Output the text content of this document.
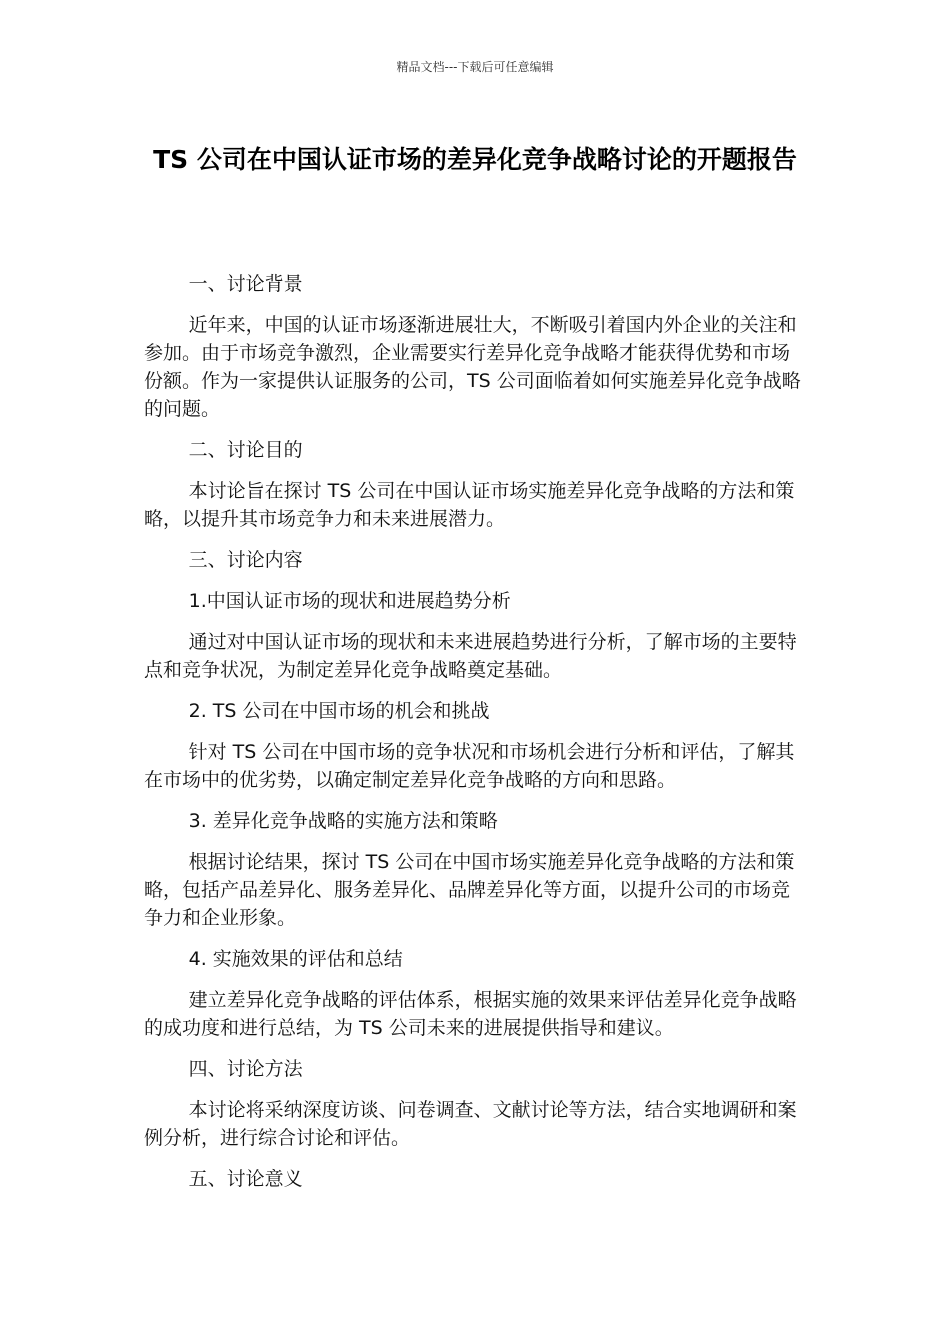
精品文档---下载后可任意编辑
TS 公司在中国认证市场的差异化竞争战略讨论的开题报告

一、讨论背景

近年来，中国的认证市场逐渐进展壮大，不断吸引着国内外企业的关注和参加。由于市场竞争激烈，企业需要实行差异化竞争战略才能获得优势和市场份额。作为一家提供认证服务的公司，TS 公司面临着如何实施差异化竞争战略的问题。

二、讨论目的

本讨论旨在探讨 TS 公司在中国认证市场实施差异化竞争战略的方法和策略，以提升其市场竞争力和未来进展潜力。

三、讨论内容

1.中国认证市场的现状和进展趋势分析

通过对中国认证市场的现状和未来进展趋势进行分析，了解市场的主要特点和竞争状况，为制定差异化竞争战略奠定基础。

2. TS 公司在中国市场的机会和挑战

针对 TS 公司在中国市场的竞争状况和市场机会进行分析和评估，了解其在市场中的优劣势，以确定制定差异化竞争战略的方向和思路。

3. 差异化竞争战略的实施方法和策略

根据讨论结果，探讨 TS 公司在中国市场实施差异化竞争战略的方法和策略，包括产品差异化、服务差异化、品牌差异化等方面，以提升公司的市场竞争力和企业形象。

4. 实施效果的评估和总结

建立差异化竞争战略的评估体系，根据实施的效果来评估差异化竞争战略的成功度和进行总结，为 TS 公司未来的进展提供指导和建议。

四、讨论方法

本讨论将采纳深度访谈、问卷调查、文献讨论等方法，结合实地调研和案例分析，进行综合讨论和评估。

五、讨论意义
